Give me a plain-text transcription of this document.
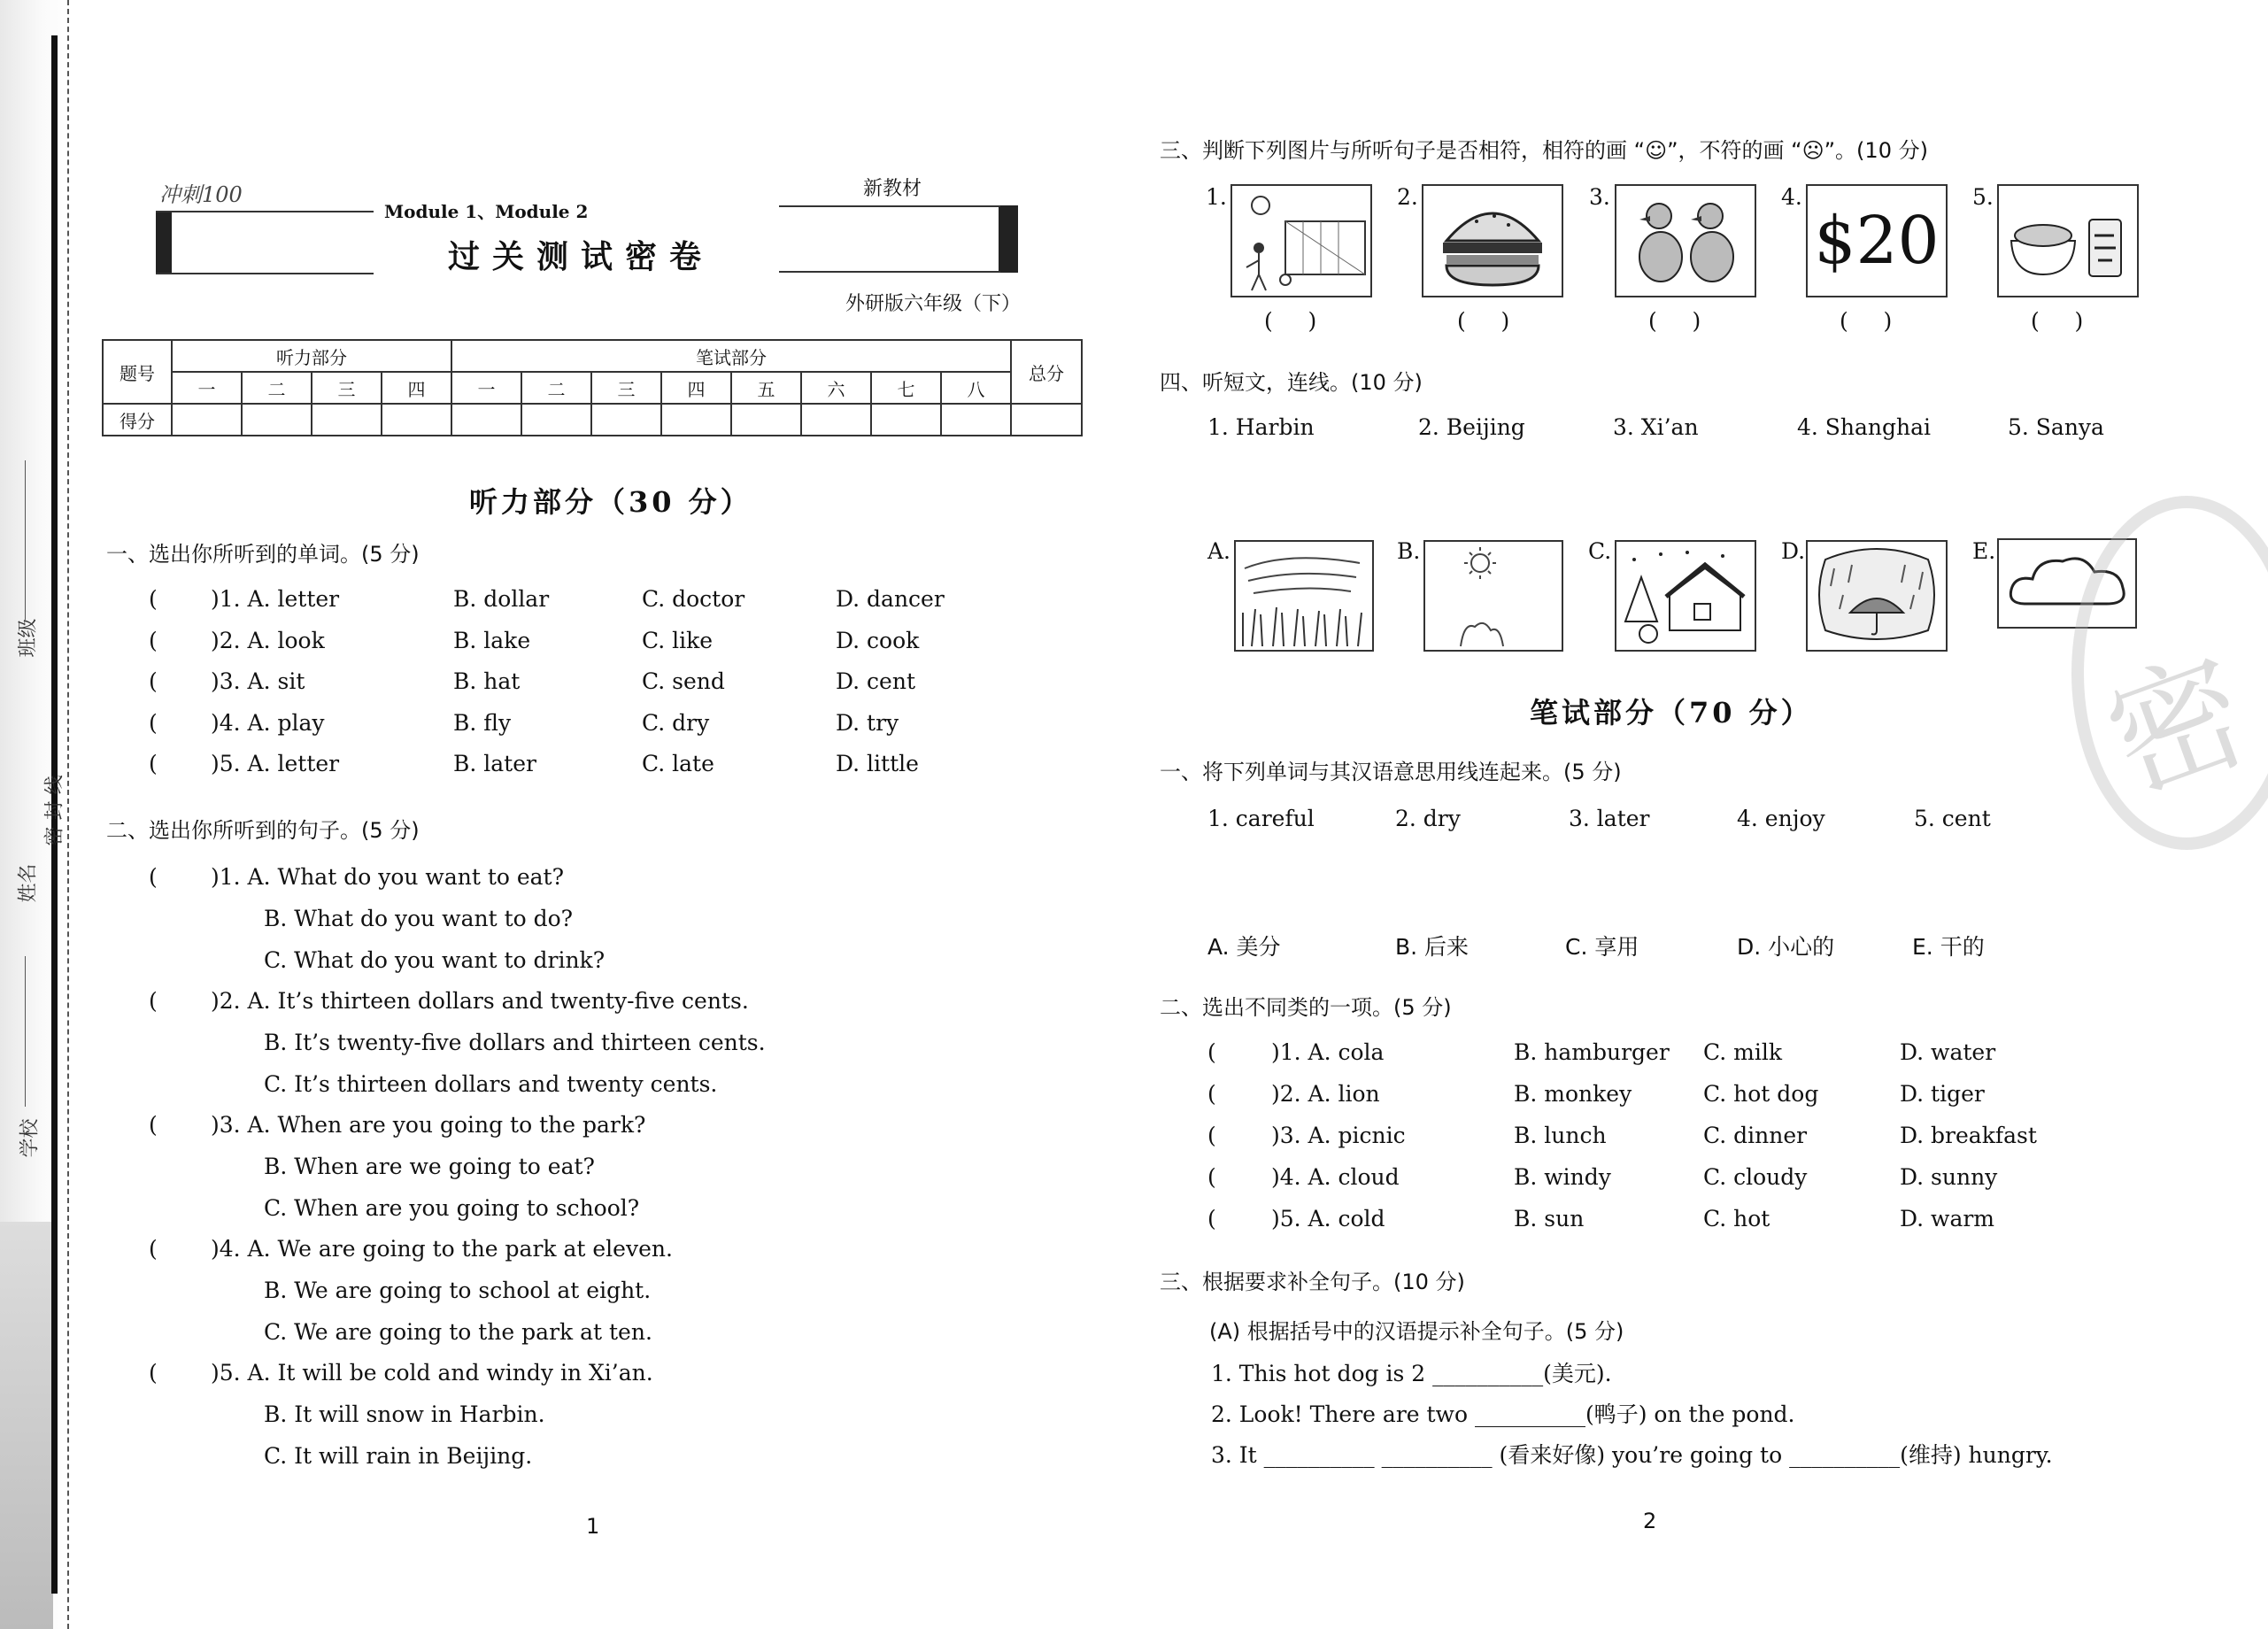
班级
姓名
学校
密 封 线
冲刺100
Module 1、Module 2
过关测试密卷
新教材
外研版六年级（下）
题号	听力部分				笔试部分								总分
	一	二	三	四	一	二	三	四	五	六	七	八	
得分													
听力部分（30 分）
一、选出你所听到的单词。(5 分)
( )1. A. letter	B. dollar	C. doctor	D. dancer
( )2. A. look	B. lake	C. like	D. cook
( )3. A. sit	B. hat	C. send	D. cent
( )4. A. play	B. fly	C. dry	D. try
( )5. A. letter	B. later	C. late	D. little
二、选出你所听到的句子。(5 分)
( )1. A. What do you want to eat?
B. What do you want to do?
C. What do you want to drink?
( )2. A. It’s thirteen dollars and twenty-five cents.
B. It’s twenty-five dollars and thirteen cents.
C. It’s thirteen dollars and twenty cents.
( )3. A. When are you going to the park?
B. When are we going to eat?
C. When are you going to school?
( )4. A. We are going to the park at eleven.
B. We are going to school at eight.
C. We are going to the park at ten.
( )5. A. It will be cold and windy in Xi’an.
B. It will snow in Harbin.
C. It will rain in Beijing.
1
三、判断下列图片与所听句子是否相符，相符的画 “☺”，不符的画 “☹”。(10 分)
1.
(     )
2.
(     )
3.
(     )
4.
$20
(     )
5.
(     )
四、听短文，连线。(10 分)
1. Harbin	2. Beijing	3. Xi’an	4. Shanghai	5. Sanya
A.	B.	C.	D.	E.
笔试部分（70 分）
一、将下列单词与其汉语意思用线连起来。(5 分)
1. careful	2. dry	3. later	4. enjoy	5. cent
A. 美分	B. 后来	C. 享用	D. 小心的	E. 干的
二、选出不同类的一项。(5 分)
( )1. A. cola	B. hamburger C. milk	D. water
( )2. A. lion	B. monkey	C. hot dog	D. tiger
( )3. A. picnic	B. lunch	C. dinner	D. breakfast
( )4. A. cloud	B. windy	C. cloudy	D. sunny
( )5. A. cold	B. sun	C. hot	D. warm
三、根据要求补全句子。(10 分)
(A) 根据括号中的汉语提示补全句子。(5 分)
1. This hot dog is 2 __________(美元).
2. Look! There are two __________(鸭子) on the pond.
3. It __________ __________ (看来好像) you’re going to __________(维持) hungry.
2
密
